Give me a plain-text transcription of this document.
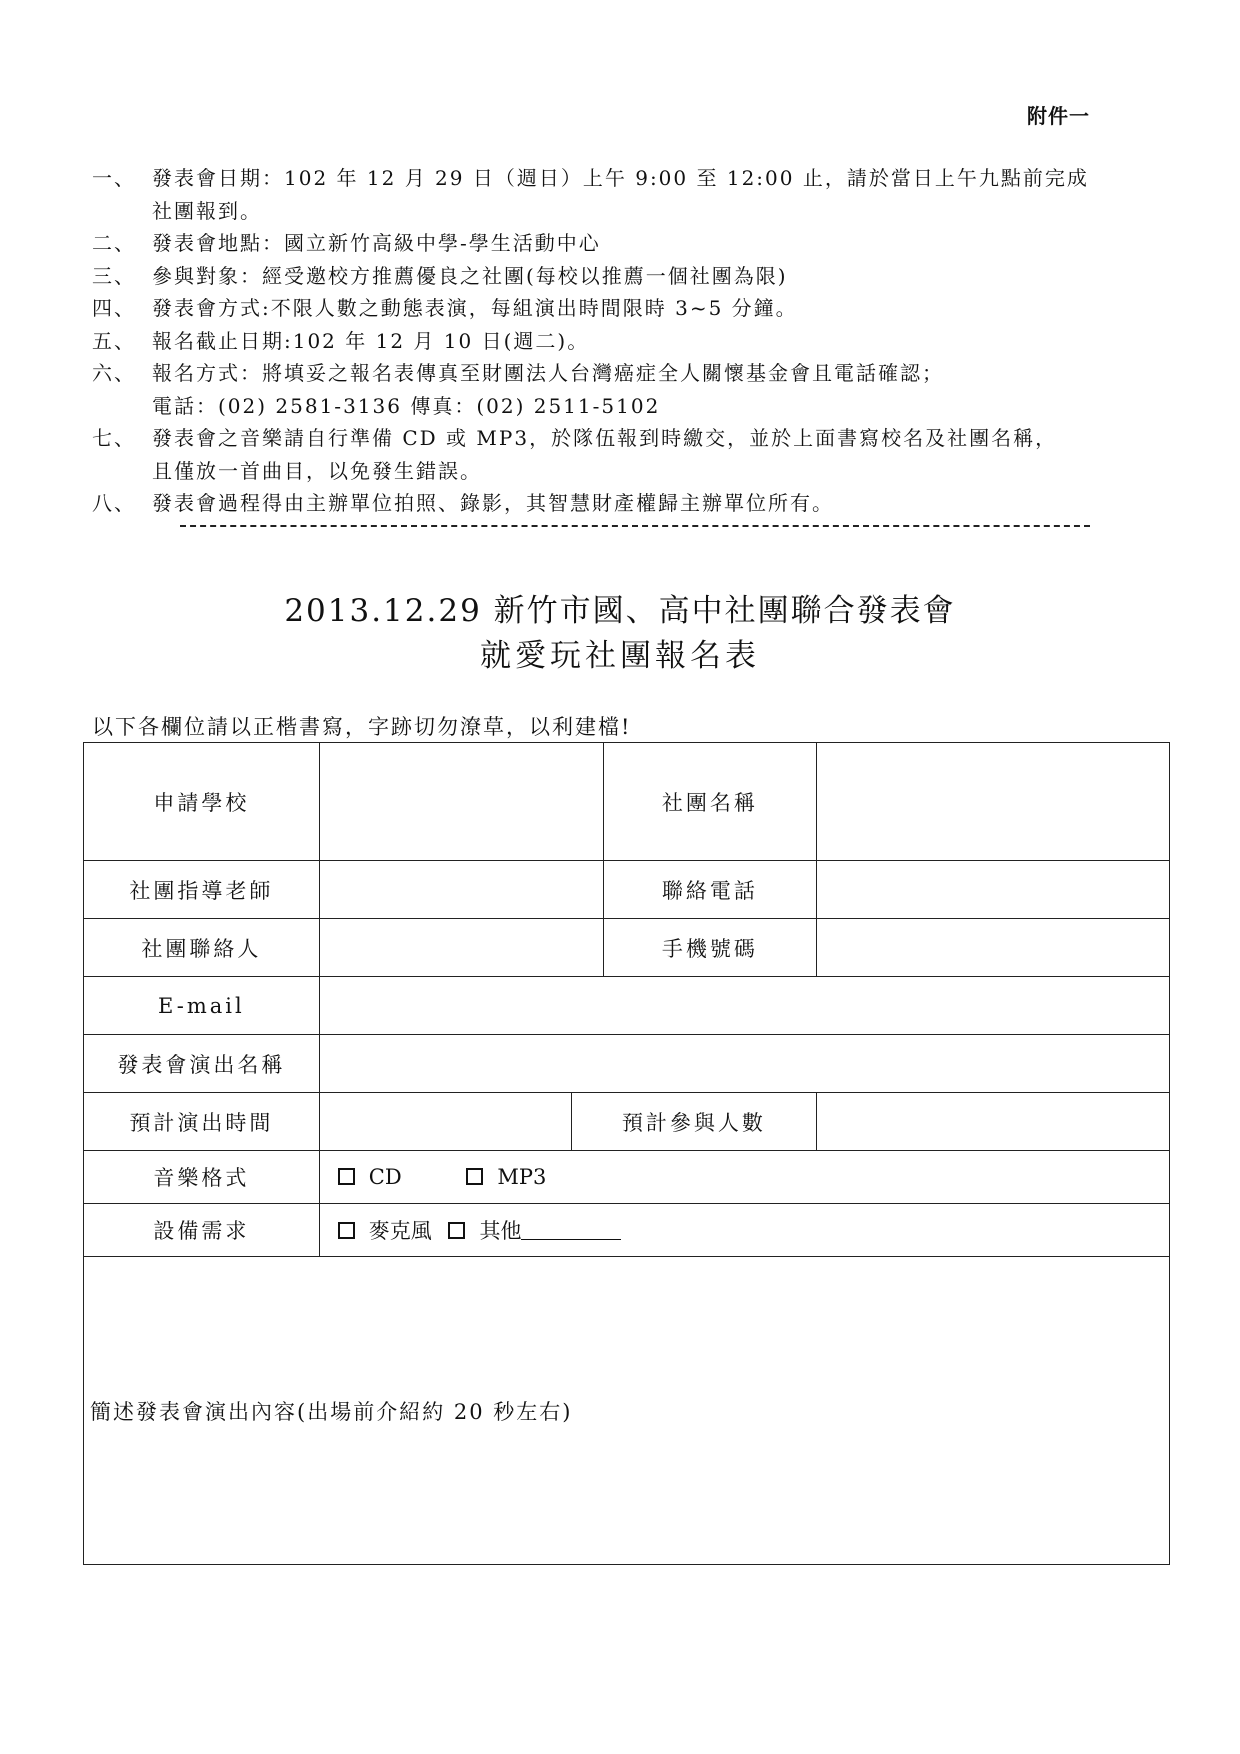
附件一
一、 發表會日期：102 年 12 月 29 日（週日）上午 9:00 至 12:00 止，請於當日上午九點前完成
社團報到。
二、 發表會地點：國立新竹高級中學-學生活動中心
三、 參與對象：經受邀校方推薦優良之社團(每校以推薦一個社團為限)
四、 發表會方式:不限人數之動態表演，每組演出時間限時 3~5 分鐘。
五、 報名截止日期:102 年 12 月 10 日(週二)。
六、 報名方式：將填妥之報名表傳真至財團法人台灣癌症全人關懷基金會且電話確認；
電話：(02) 2581-3136 傳真：(02) 2511-5102
七、 發表會之音樂請自行準備 CD 或 MP3，於隊伍報到時繳交，並於上面書寫校名及社團名稱，
且僅放一首曲目，以免發生錯誤。
八、 發表會過程得由主辦單位拍照、錄影，其智慧財產權歸主辦單位所有。
2013.12.29 新竹市國、高中社團聯合發表會
就愛玩社團報名表
以下各欄位請以正楷書寫，字跡切勿潦草，以利建檔!
申請學校			社團名稱	
社團指導老師			聯絡電話	
社團聯絡人			手機號碼	
E-mail				
發表會演出名稱				
預計演出時間		預計參與人數		
音樂格式	CD MP3			
設備需求	麥克風 其他			
簡述發表會演出內容(出場前介紹約 20 秒左右)				
